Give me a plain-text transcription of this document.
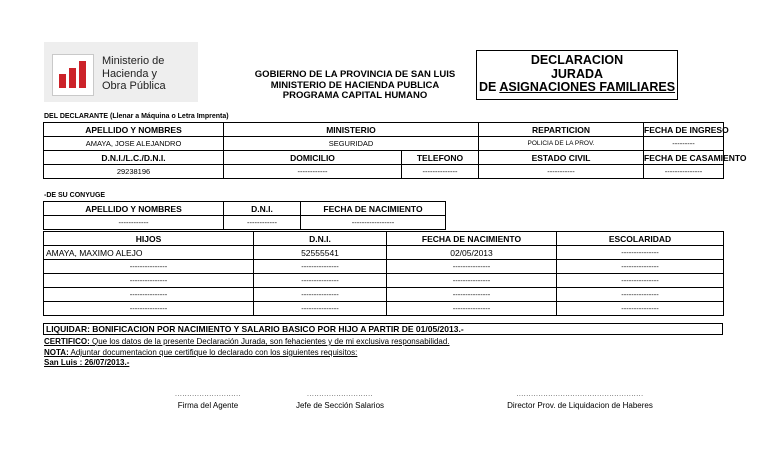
Ministerio de
Hacienda y
Obra Pública
GOBIERNO DE LA PROVINCIA DE SAN LUIS
MINISTERIO DE HACIENDA PUBLICA
PROGRAMA CAPITAL HUMANO
DECLARACION
JURADA
DE ASIGNACIONES FAMILIARES
DEL DECLARANTE (Llenar a Máquina o Letra Imprenta)
APELLIDO Y NOMBRES	MINISTERIO		REPARTICION	FECHA DE INGRESO
AMAYA, JOSE ALEJANDRO	SEGURIDAD		POLICIA DE LA PROV.	---------
D.N.I./L.C./D.N.I.	DOMICILIO	TELEFONO	ESTADO CIVIL	FECHA DE CASAMIENTO
29238196	------------	--------------	-----------	---------------
-DE SU CONYUGE
APELLIDO Y NOMBRES	D.N.I.	FECHA DE NACIMIENTO
------------	------------	-----------------
HIJOS	D.N.I.	FECHA DE NACIMIENTO	ESCOLARIDAD
AMAYA, MAXIMO ALEJO	52555541	02/05/2013	---------------
---------------	---------------	---------------	---------------
---------------	---------------	---------------	---------------
---------------	---------------	---------------	---------------
---------------	---------------	---------------	---------------
LIQUIDAR: BONIFICACION POR NACIMIENTO Y SALARIO BASICO POR HIJO A PARTIR DE 01/05/2013.-
CERTIFICO: Que los datos de la presente Declaración Jurada, son fehacientes y de mi exclusiva responsabilidad.
NOTA: Adjuntar documentacion que certifique lo declarado con los siguientes requisitos:
San Luis : 26/07/2013.-
...........................
Firma del Agente
...........................
Jefe de Sección Salarios
....................................................
Director Prov. de Liquidacion de Haberes
